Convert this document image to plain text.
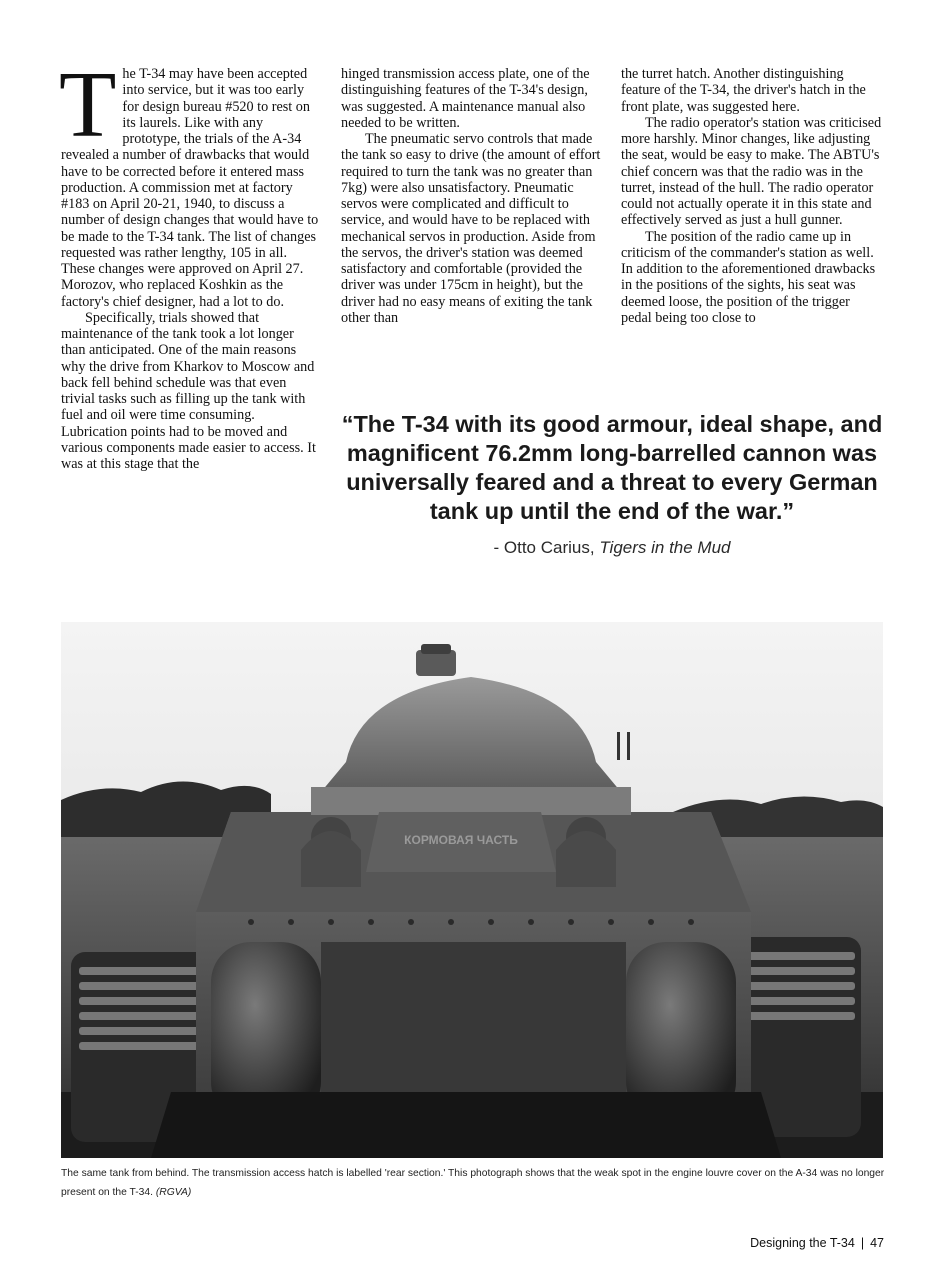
The T-34 may have been accepted into service, but it was too early for design bureau #520 to rest on its laurels. Like with any prototype, the trials of the A-34 revealed a number of drawbacks that would have to be corrected before it entered mass production. A commission met at factory #183 on April 20-21, 1940, to discuss a number of design changes that would have to be made to the T-34 tank. The list of changes requested was rather lengthy, 105 in all. These changes were approved on April 27. Morozov, who replaced Koshkin as the factory's chief designer, had a lot to do.

Specifically, trials showed that maintenance of the tank took a lot longer than anticipated. One of the main reasons why the drive from Kharkov to Moscow and back fell behind schedule was that even trivial tasks such as filling up the tank with fuel and oil were time consuming. Lubrication points had to be moved and various components made easier to access. It was at this stage that the

hinged transmission access plate, one of the distinguishing features of the T-34's design, was suggested. A maintenance manual also needed to be written.

The pneumatic servo controls that made the tank so easy to drive (the amount of effort required to turn the tank was no greater than 7kg) were also unsatisfactory. Pneumatic servos were complicated and difficult to service, and would have to be replaced with mechanical servos in production. Aside from the servos, the driver's station was deemed satisfactory and comfortable (provided the driver was under 175cm in height), but the driver had no easy means of exiting the tank other than

the turret hatch. Another distinguishing feature of the T-34, the driver's hatch in the front plate, was suggested here.

The radio operator's station was criticised more harshly. Minor changes, like adjusting the seat, would be easy to make. The ABTU's chief concern was that the radio was in the turret, instead of the hull. The radio operator could not actually operate it in this state and effectively served as just a hull gunner.

The position of the radio came up in criticism of the commander's station as well. In addition to the aforementioned drawbacks in the positions of the sights, his seat was deemed loose, the position of the trigger pedal being too close to

“The T-34 with its good armour, ideal shape, and magnificent 76.2mm long-barrelled cannon was universally feared and a threat to every German tank up until the end of the war.”

- Otto Carius, Tigers in the Mud
КОРМОВАЯ ЧАСТЬ
The same tank from behind. The transmission access hatch is labelled 'rear section.' This photograph shows that the weak spot in the engine louvre cover on the A-34 was no longer present on the T-34. (RGVA)
Designing the T-34 | 47
